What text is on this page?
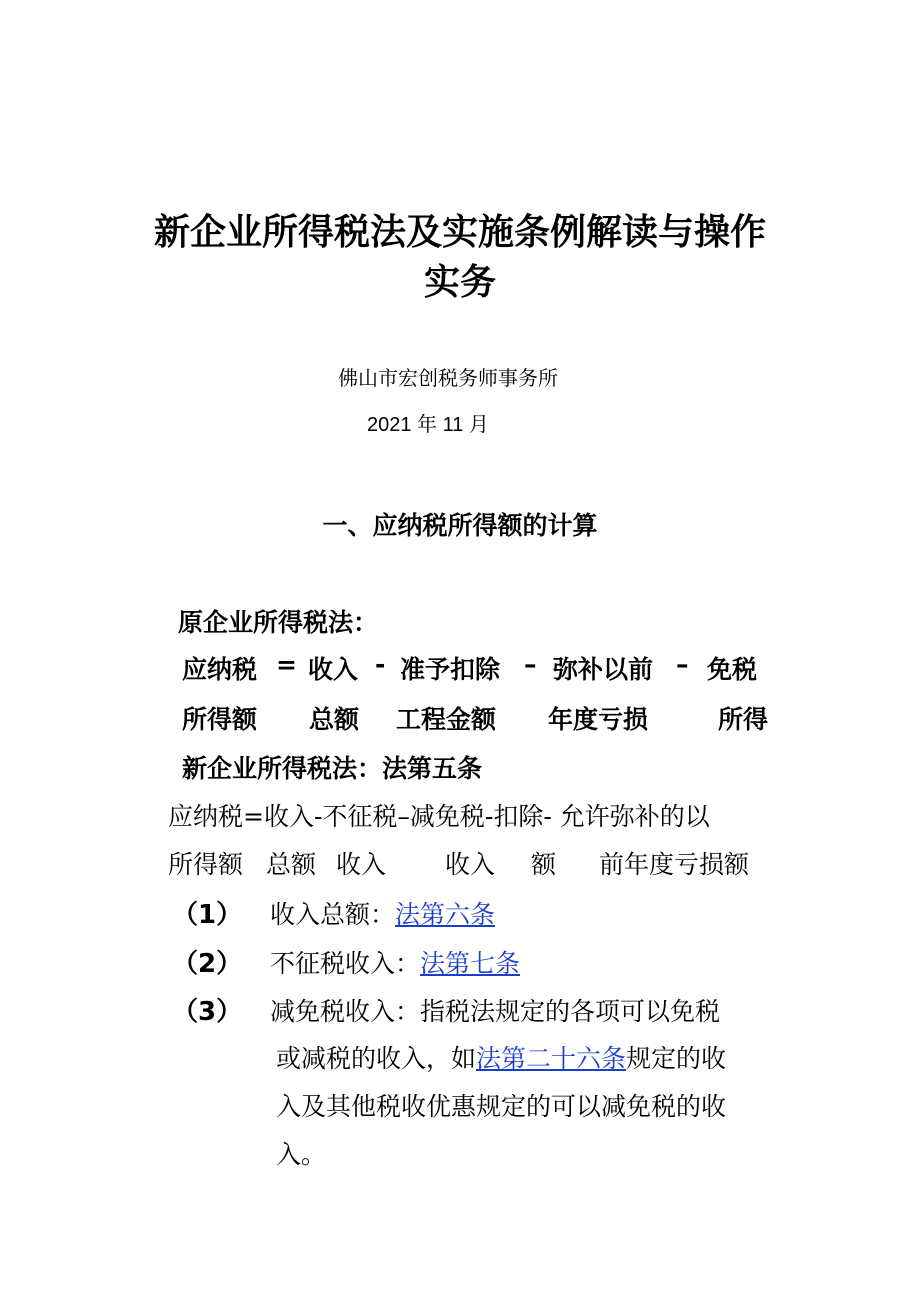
新企业所得税法及实施条例解读与操作
实务
佛山市宏创税务师事务所
2021 年 11 月
一、应纳税所得额的计算
原企业所得税法：
应纳税 = 收入 - 准予扣除 – 弥补以前 – 免税
所得额 总额 工程金额 年度亏损	所得
新企业所得税法：法第五条
应纳税=收入-不征税–减免税-扣除- 允许弥补的以
所得额 总额 收入 收入 额 前年度亏损额
（1） 收入总额：法第六条
（2） 不征税收入：法第七条
（3） 减免税收入：指税法规定的各项可以免税
或减税的收入，如法第二十六条规定的收
入及其他税收优惠规定的可以减免税的收
入。
